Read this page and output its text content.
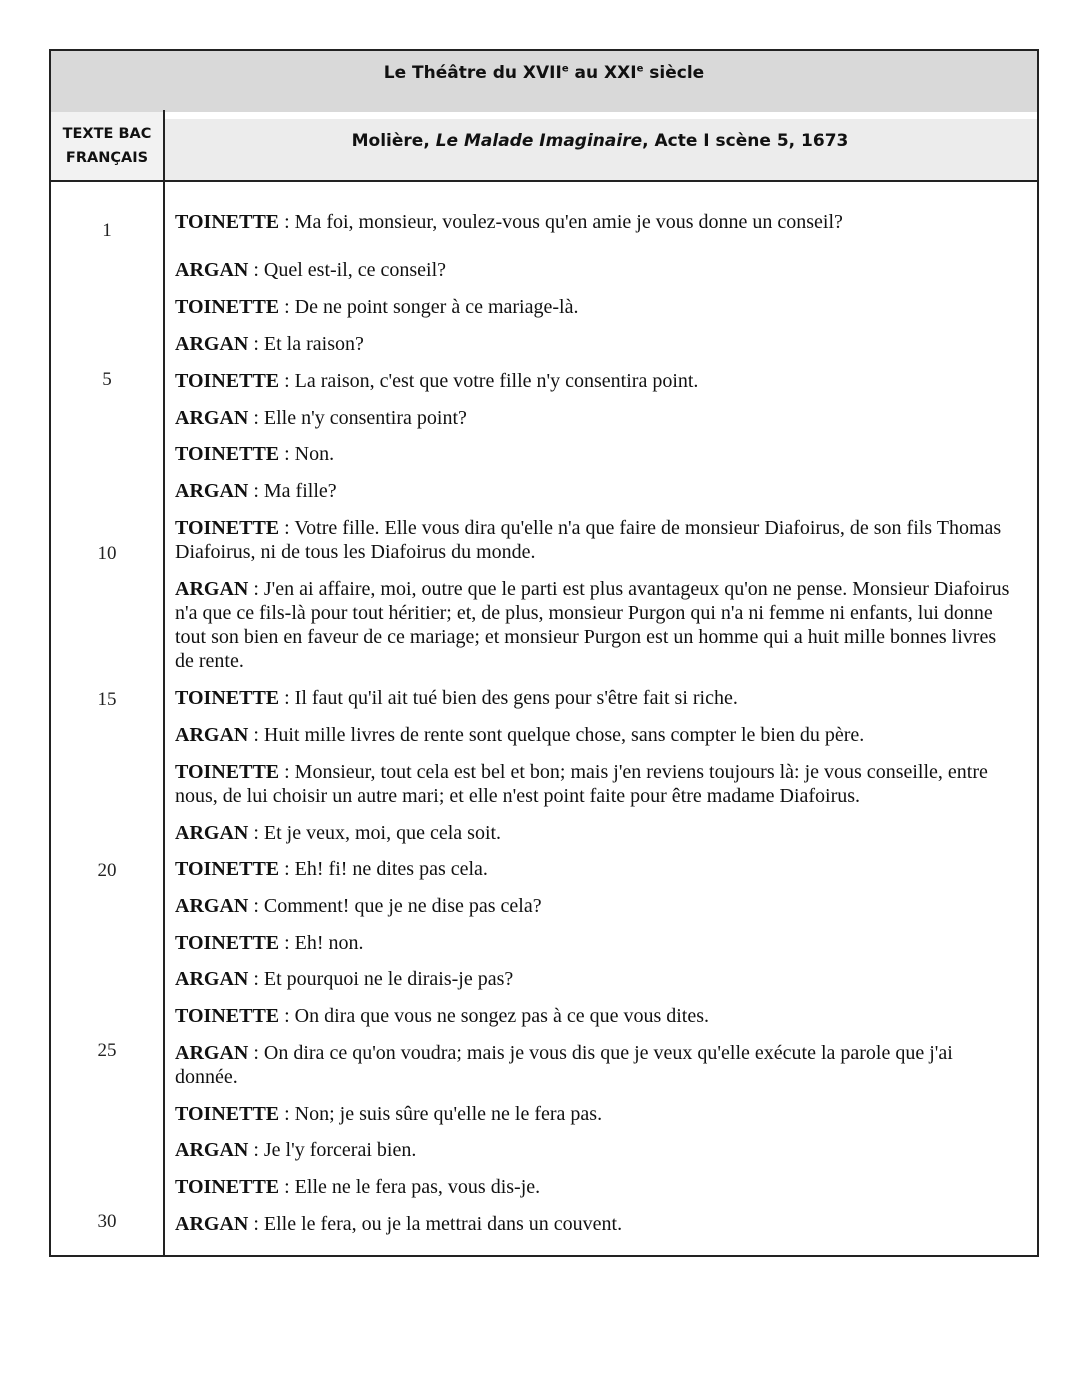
Le Théâtre du XVIIe au XXIe siècle
TEXTE BAC
FRANÇAIS
Molière, Le Malade Imaginaire, Acte I scène 5, 1673
1
5
10
15
20
25
30
TOINETTE : Ma foi, monsieur, voulez-vous qu'en amie je vous donne un conseil?
ARGAN : Quel est-il, ce conseil?
TOINETTE : De ne point songer à ce mariage-là.
ARGAN : Et la raison?
TOINETTE : La raison, c'est que votre fille n'y consentira point.
ARGAN : Elle n'y consentira point?
TOINETTE : Non.
ARGAN : Ma fille?
TOINETTE : Votre fille. Elle vous dira qu'elle n'a que faire de monsieur Diafoirus, de son fils Thomas Diafoirus, ni de tous les Diafoirus du monde.
ARGAN : J'en ai affaire, moi, outre que le parti est plus avantageux qu'on ne pense. Monsieur Diafoirus n'a que ce fils-là pour tout héritier; et, de plus, monsieur Purgon qui n'a ni femme ni enfants, lui donne tout son bien en faveur de ce mariage; et monsieur Purgon est un homme qui a huit mille bonnes livres de rente.
TOINETTE : Il faut qu'il ait tué bien des gens pour s'être fait si riche.
ARGAN : Huit mille livres de rente sont quelque chose, sans compter le bien du père.
TOINETTE : Monsieur, tout cela est bel et bon; mais j'en reviens toujours là: je vous conseille, entre nous, de lui choisir un autre mari; et elle n'est point faite pour être madame Diafoirus.
ARGAN : Et je veux, moi, que cela soit.
TOINETTE : Eh! fi! ne dites pas cela.
ARGAN : Comment! que je ne dise pas cela?
TOINETTE : Eh! non.
ARGAN : Et pourquoi ne le dirais-je pas?
TOINETTE : On dira que vous ne songez pas à ce que vous dites.
ARGAN : On dira ce qu'on voudra; mais je vous dis que je veux qu'elle exécute la parole que j'ai donnée.
TOINETTE : Non; je suis sûre qu'elle ne le fera pas.
ARGAN : Je l'y forcerai bien.
TOINETTE : Elle ne le fera pas, vous dis-je.
ARGAN : Elle le fera, ou je la mettrai dans un couvent.
